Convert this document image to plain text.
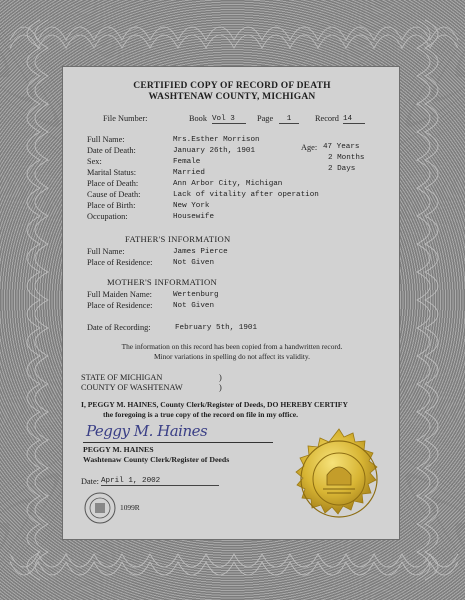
CERTIFIED COPY OF RECORD OF DEATH
WASHTENAW COUNTY, MICHIGAN
File Number:	Book Vol 3	Page	1	Record 14
Full Name:	Mrs.Esther Morrison
Date of Death:	January 26th, 1901
Sex:	Female
Marital Status:	Married
Place of Death:	Ann Arbor City, Michigan
Cause of Death:	Lack of vitality after operation
Place of Birth:	New York
Occupation:	Housewife
Age: 47 Years
2 Months
2 Days
FATHER'S INFORMATION
Full Name:	James Pierce
Place of Residence:	Not Given
MOTHER'S INFORMATION
Full Maiden Name:	Wertenburg
Place of Residence:	Not Given
Date of Recording:	February 5th, 1901
The information on this record has been copied from a handwritten record.
Minor variations in spelling do not affect its validity.
STATE OF MICHIGAN	)
COUNTY OF WASHTENAW	)
I, PEGGY M. HAINES, County Clerk/Register of Deeds, DO HEREBY CERTIFY
the foregoing is a true copy of the record on file in my office.
PEGGY M. HAINES
Washtenaw County Clerk/Register of Deeds
Date: April 1, 2002
1099R
Peggy M. Haines
